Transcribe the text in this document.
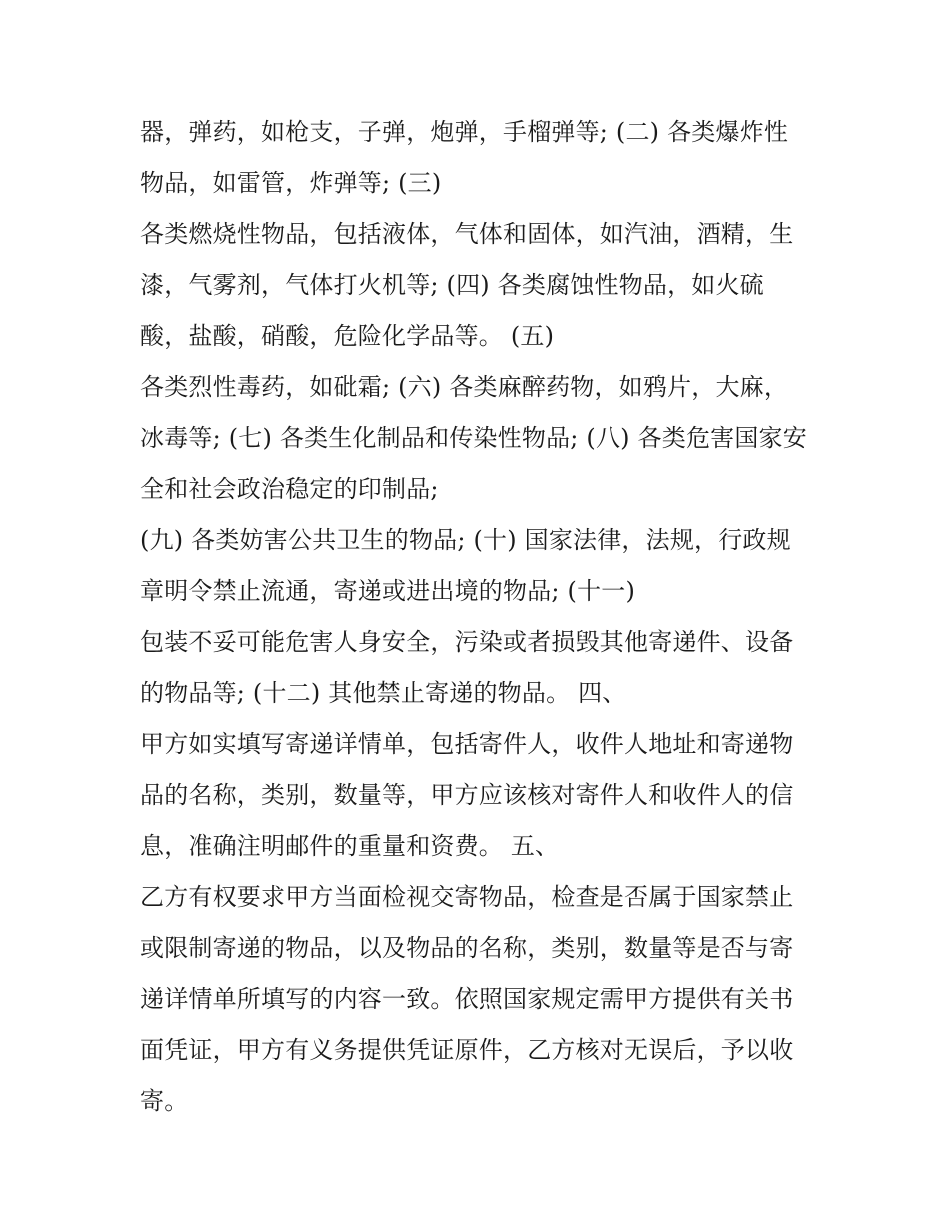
器，弹药，如枪支，子弹，炮弹，手榴弹等; (二) 各类爆炸性
物品，如雷管，炸弹等; (三)
各类燃烧性物品，包括液体，气体和固体，如汽油，酒精，生
漆，气雾剂，气体打火机等; (四) 各类腐蚀性物品，如火硫
酸，盐酸，硝酸，危险化学品等。 (五)
各类烈性毒药，如砒霜; (六) 各类麻醉药物，如鸦片，大麻，
冰毒等; (七) 各类生化制品和传染性物品; (八) 各类危害国家安
全和社会政治稳定的印制品;
(九) 各类妨害公共卫生的物品; (十) 国家法律，法规，行政规
章明令禁止流通，寄递或进出境的物品; (十一)
包装不妥可能危害人身安全，污染或者损毁其他寄递件、设备
的物品等; (十二) 其他禁止寄递的物品。 四、
甲方如实填写寄递详情单，包括寄件人，收件人地址和寄递物
品的名称，类别，数量等，甲方应该核对寄件人和收件人的信
息，准确注明邮件的重量和资费。 五、
乙方有权要求甲方当面检视交寄物品，检查是否属于国家禁止
或限制寄递的物品，以及物品的名称，类别，数量等是否与寄
递详情单所填写的内容一致。依照国家规定需甲方提供有关书
面凭证，甲方有义务提供凭证原件，乙方核对无误后，予以收
寄。
